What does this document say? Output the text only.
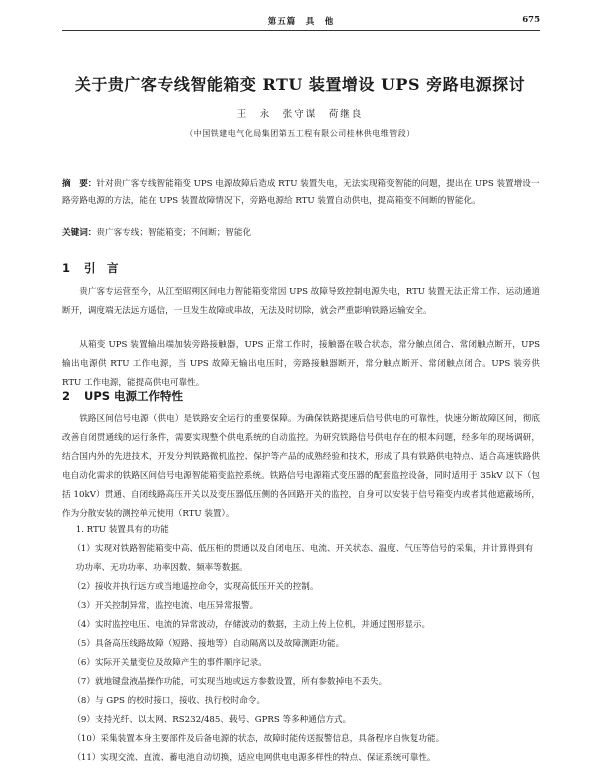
第五篇　具　他	675
关于贵广客专线智能箱变 RTU 装置增设 UPS 旁路电源探讨
王　永　张守谋　荷继良
（中国铁建电气化局集团第五工程有限公司桂林供电维管段）
摘　要：针对贵广客专线智能箱变 UPS 电源故障后造成 RTU 装置失电，无法实现箱变智能的问题，提出在 UPS 装置增设一路旁路电源的方法，能在 UPS 装置故障情况下，旁路电源给 RTU 装置自动供电，提高箱变不间断的智能化。
关键词：贵广客专线；智能箱变；不间断；智能化
1 引　言
贵广客专运营至今，从江至昭朔区间电力智能箱变常因 UPS 故障导致控制电源失电，RTU 装置无法正常工作、运动通道断开，调度端无法远方遥信，一旦发生故障或串故，无法及时切除，就会严重影响铁路运输安全。
从箱变 UPS 装置输出端加装旁路接触器，UPS 正常工作时，接触器在吸合状态，常分触点闭合、常闭触点断开，UPS 输出电源供 RTU 工作电源，当 UPS 故障无输出电压时，旁路接触器断开，常分触点断开、常闭触点闭合。UPS 装旁供 RTU 工作电源，能提高供电可靠性。
2 UPS 电源工作特性
铁路区间信号电源（供电）是铁路安全运行的重要保障。为确保铁路提速后信号供电的可靠性，快速分断故障区间，彻底改善自闭贯通线的运行条件，需要实现整个供电系统的自动监控。为研究铁路信号供电存在的根本问题，经多年的现场调研，结合国内外的先进技术，开发分判铁路微机监控、保护等产品的成熟经验和技术，形成了具有铁路供电特点、适合高速铁路供电自动化需求的铁路区间信号电源智能箱变监控系统。铁路信号电源箱式变压器的配套监控设备，同时适用于 35kV 以下（包括 10kV）贯通、自闭线路高压开关以及变压器低压侧的各回路开关的监控，自身可以安装于信号箱变内或者其他遮蔽场所，作为分散安装的测控单元使用（RTU 装置）。
1. RTU 装置具有的功能
（1）实现对铁路智能箱变中高、低压柜的贯通以及自闭电压、电流、开关状态、温度、气压等信号的采集，并计算得到有功功率、无功功率、功率因数、频率等数据。
（2）接收并执行远方或当地遥控命令，实现高低压开关的控制。
（3）开关控制异常，监控电流、电压异常报警。
（4）实时监控电压、电流的异常波动，存储波动的数据，主动上传上位机，并通过图形显示。
（5）具备高压线路故障（短路、接地等）自动隔离以及故障测距功能。
（6）实际开关量变位及故障产生的事件顺序记录。
（7）就地键盘液晶操作功能，可实现当地或远方参数设置，所有参数掉电不丢失。
（8）与 GPS 的校时接口，接收、执行校时命令。
（9）支持光纤、以太网、RS232/485、载号、GPRS 等多种通信方式。
（10）采集装置本身主要部件及后备电源的状态，故障时能传送报警信息，具备程序自恢复功能。
（11）实现交流、直流、蓄电池自动切换，适应电网供电电源多样性的特点、保证系统可靠性。
